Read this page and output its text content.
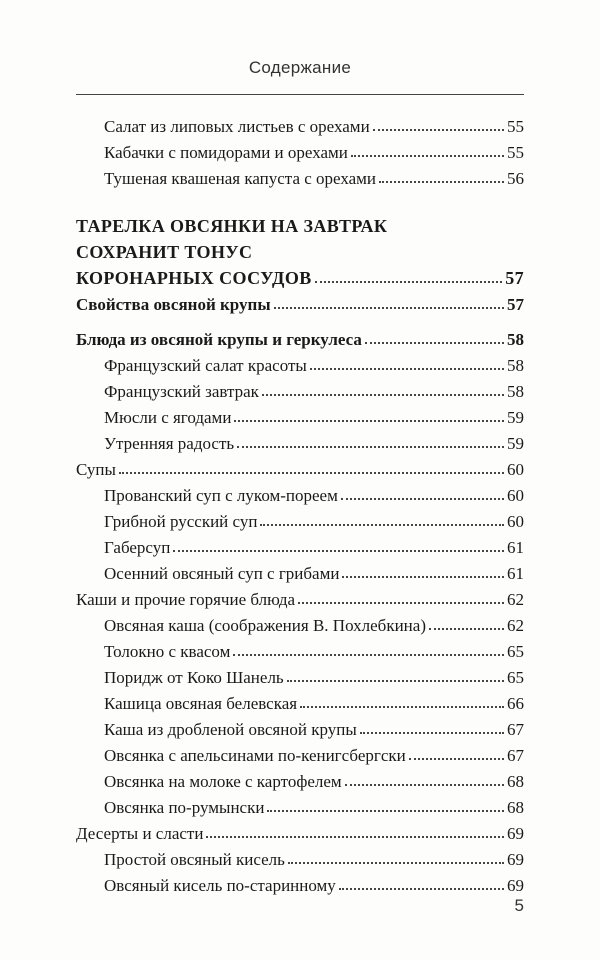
Содержание
Салат из липовых листьев с орехами	55
Кабачки с помидорами и орехами	55
Тушеная квашеная капуста с орехами	56
ТАРЕЛКА ОВСЯНКИ НА ЗАВТРАК
СОХРАНИТ ТОНУС
КОРОНАРНЫХ СОСУДОВ	57
Свойства овсяной крупы	57
Блюда из овсяной крупы и геркулеса	58
Французский салат красоты	58
Французский завтрак	58
Мюсли с ягодами	59
Утренняя радость	59
Супы	60
Прованский суп с луком-пореем	60
Грибной русский суп	60
Габерсуп	61
Осенний овсяный суп с грибами	61
Каши и прочие горячие блюда	62
Овсяная каша (соображения В. Похлебкина)	62
Толокно с квасом	65
Поридж от Коко Шанель	65
Кашица овсяная белевская	66
Каша из дробленой овсяной крупы	67
Овсянка с апельсинами по-кенигсбергски	67
Овсянка на молоке с картофелем	68
Овсянка по-румынски	68
Десерты и сласти	69
Простой овсяный кисель	69
Овсяный кисель по-старинному	69
5
